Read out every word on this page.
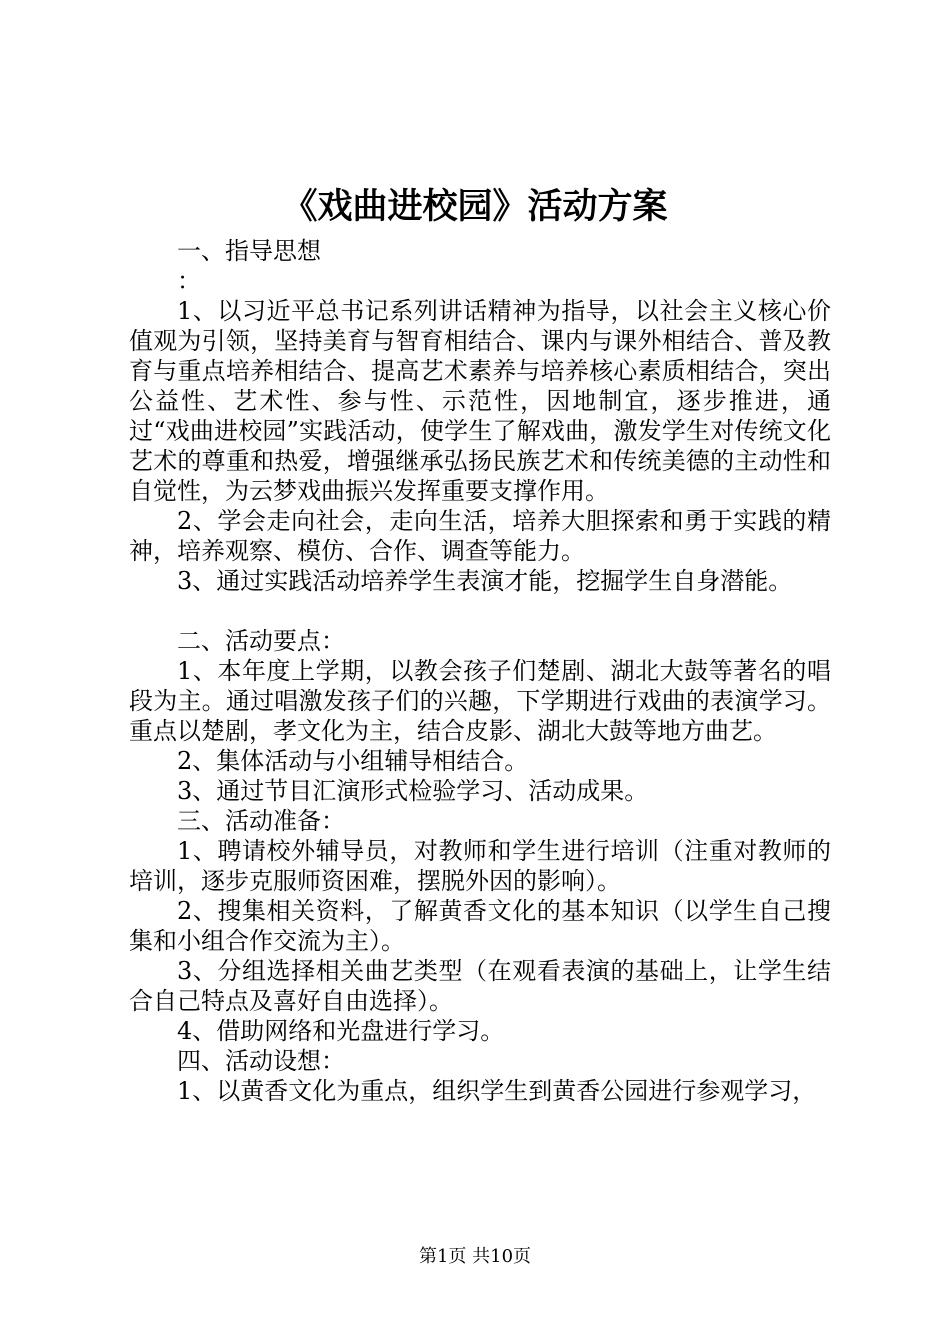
《戏曲进校园》活动方案

一、指导思想

：

1、以习近平总书记系列讲话精神为指导，以社会主义核心价值观为引领，坚持美育与智育相结合、课内与课外相结合、普及教育与重点培养相结合、提高艺术素养与培养核心素质相结合，突出公益性、艺术性、参与性、示范性，因地制宜，逐步推进，通过“戏曲进校园”实践活动，使学生了解戏曲，激发学生对传统文化艺术的尊重和热爱，增强继承弘扬民族艺术和传统美德的主动性和自觉性，为云梦戏曲振兴发挥重要支撑作用。

2、学会走向社会，走向生活，培养大胆探索和勇于实践的精神，培养观察、模仿、合作、调查等能力。

3、通过实践活动培养学生表演才能，挖掘学生自身潜能。

二、活动要点：

1、本年度上学期，以教会孩子们楚剧、湖北大鼓等著名的唱段为主。通过唱激发孩子们的兴趣，下学期进行戏曲的表演学习。重点以楚剧，孝文化为主，结合皮影、湖北大鼓等地方曲艺。

2、集体活动与小组辅导相结合。

3、通过节目汇演形式检验学习、活动成果。

三、活动准备：

1、聘请校外辅导员，对教师和学生进行培训（注重对教师的培训，逐步克服师资困难，摆脱外因的影响）。

2、搜集相关资料，了解黄香文化的基本知识（以学生自己搜集和小组合作交流为主）。

3、分组选择相关曲艺类型（在观看表演的基础上，让学生结合自己特点及喜好自由选择）。

4、借助网络和光盘进行学习。

四、活动设想：

1、以黄香文化为重点，组织学生到黄香公园进行参观学习，

第1页 共10页
